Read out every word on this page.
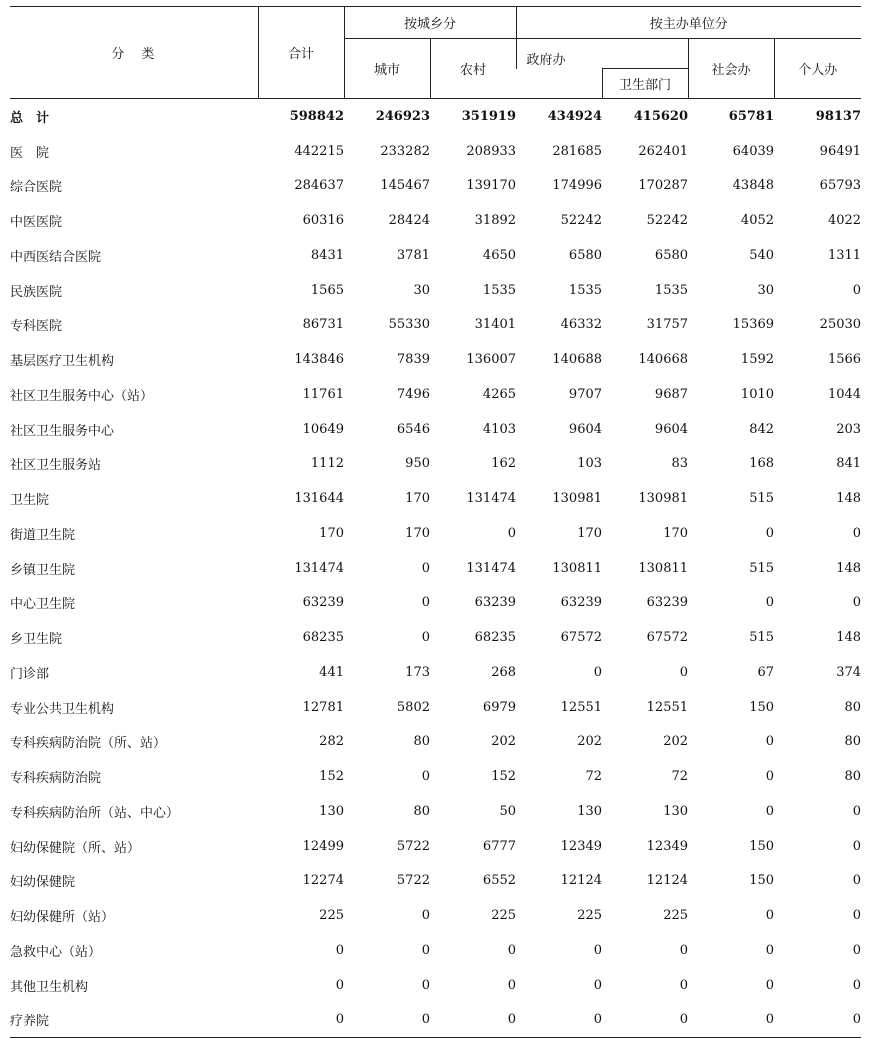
分　类	合计	按城乡分		按主办单位分			
		城市	农村	政府办		社会办	个人办
					卫生部门		
总　计	598842	246923	351919	434924	415620	65781	98137
医　院	442215	233282	208933	281685	262401	64039	96491
综合医院	284637	145467	139170	174996	170287	43848	65793
中医医院	60316	28424	31892	52242	52242	4052	4022
中西医结合医院	8431	3781	4650	6580	6580	540	1311
民族医院	1565	30	1535	1535	1535	30	0
专科医院	86731	55330	31401	46332	31757	15369	25030
基层医疗卫生机构	143846	7839	136007	140688	140668	1592	1566
社区卫生服务中心（站）	11761	7496	4265	9707	9687	1010	1044
社区卫生服务中心	10649	6546	4103	9604	9604	842	203
社区卫生服务站	1112	950	162	103	83	168	841
卫生院	131644	170	131474	130981	130981	515	148
街道卫生院	170	170	0	170	170	0	0
乡镇卫生院	131474	0	131474	130811	130811	515	148
中心卫生院	63239	0	63239	63239	63239	0	0
乡卫生院	68235	0	68235	67572	67572	515	148
门诊部	441	173	268	0	0	67	374
专业公共卫生机构	12781	5802	6979	12551	12551	150	80
专科疾病防治院（所、站）	282	80	202	202	202	0	80
专科疾病防治院	152	0	152	72	72	0	80
专科疾病防治所（站、中心）	130	80	50	130	130	0	0
妇幼保健院（所、站）	12499	5722	6777	12349	12349	150	0
妇幼保健院	12274	5722	6552	12124	12124	150	0
妇幼保健所（站）	225	0	225	225	225	0	0
急救中心（站）	0	0	0	0	0	0	0
其他卫生机构	0	0	0	0	0	0	0
疗养院	0	0	0	0	0	0	0
